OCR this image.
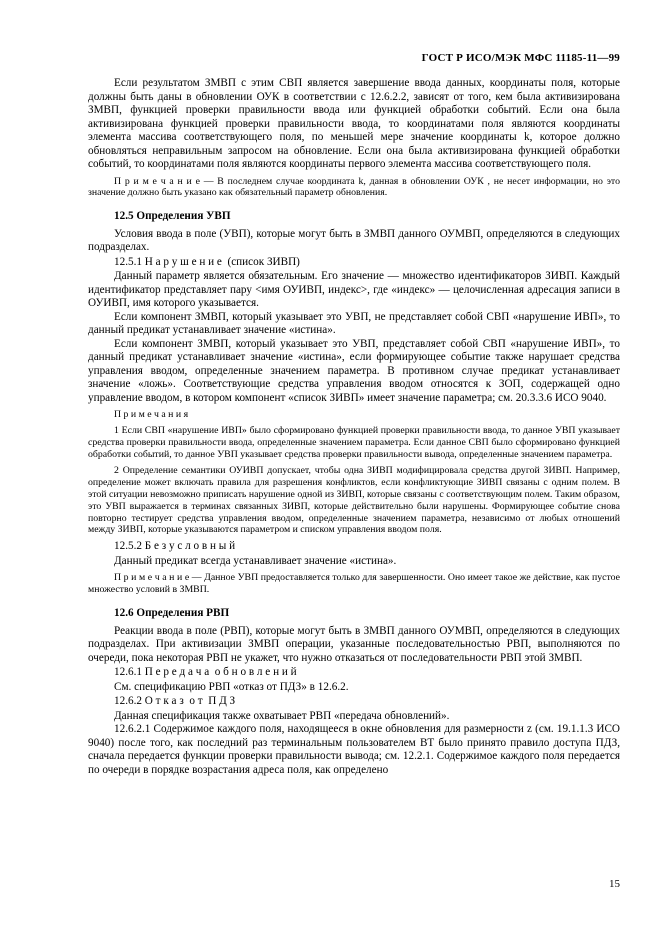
ГОСТ Р ИСО/МЭК МФС 11185-11—99

Если результатом ЗМВП с этим СВП является завершение ввода данных, координаты поля, которые должны быть даны в обновлении ОУК в соответствии с 12.6.2.2, зависят от того, кем была активизирована ЗМВП, функцией проверки правильности ввода или функцией обработки событий. Если она была активизирована функцией проверки правильности ввода, то координатами поля являются координаты элемента массива соответствующего поля, по меньшей мере значение координаты k, которое должно обновляться неправильным запросом на обновление. Если она была активизирована функцией обработки событий, то координатами поля являются координаты первого элемента массива соответствующего поля.

П р и м е ч а н и е — В последнем случае координата k, данная в обновлении ОУК , не несет информации, но это значение должно быть указано как обязательный параметр обновления.

12.5 Определения УВП

Условия ввода в поле (УВП), которые могут быть в ЗМВП данного ОУМВП, определяются в следующих подразделах.

12.5.1 Н а р у ш е н и е  (список ЗИВП)

Данный параметр является обязательным. Его значение — множество идентификаторов ЗИВП. Каждый идентификатор представляет пару <имя ОУИВП, индекс>, где «индекс» — целочисленная адресация записи в ОУИВП, имя которого указывается.

Если компонент ЗМВП, который указывает это УВП, не представляет собой СВП «нарушение ИВП», то данный предикат устанавливает значение «истина».

Если компонент ЗМВП, который указывает это УВП, представляет собой СВП «нарушение ИВП», то данный предикат устанавливает значение «истина», если формирующее событие также нарушает средства управления вводом, определенные значением параметра. В противном случае предикат устанавливает значение «ложь». Соответствующие средства управления вводом относятся к ЗОП, содержащей одно управление вводом, в котором компонент «список ЗИВП» имеет значение параметра; см. 20.3.3.6 ИСО 9040.

П р и м е ч а н и я

1 Если СВП «нарушение ИВП» было сформировано функцией проверки правильности ввода, то данное УВП указывает средства проверки правильности ввода, определенные значением параметра. Если данное СВП было сформировано функцией обработки событий, то данное УВП указывает средства проверки правильности вывода, определенные значением параметра.

2 Определение семантики ОУИВП допускает, чтобы одна ЗИВП модифицировала средства другой ЗИВП. Например, определение может включать правила для разрешения конфликтов, если конфликтующие ЗИВП связаны с одним полем. В этой ситуации невозможно приписать нарушение одной из ЗИВП, которые связаны с соответствующим полем. Таким образом, это УВП выражается в терминах связанных ЗИВП, которые действительно были нарушены. Формирующее событие снова повторно тестирует средства управления вводом, определенные значением параметра, независимо от любых отношений между ЗИВП, которые указываются параметром и списком управления вводом поля.

12.5.2 Б е з у с л о в н ы й

Данный предикат всегда устанавливает значение «истина».

П р и м е ч а н и е — Данное УВП предоставляется только для завершенности. Оно имеет такое же действие, как пустое множество условий в ЗМВП.

12.6 Определения РВП

Реакции ввода в поле (РВП), которые могут быть в ЗМВП данного ОУМВП, определяются в следующих подразделах. При активизации ЗМВП операции, указанные последовательностью РВП, выполняются по очереди, пока некоторая РВП не укажет, что нужно отказаться от последовательности РВП этой ЗМВП.

12.6.1 П е р е д а ч а  о б н о в л е н и й

См. спецификацию РВП «отказ от ПДЗ» в 12.6.2.

12.6.2 О т к а з  о т  П Д З

Данная спецификация также охватывает РВП «передача обновлений».

12.6.2.1 Содержимое каждого поля, находящееся в окне обновления для размерности z (см. 19.1.1.3 ИСО 9040) после того, как последний раз терминальным пользователем ВТ было принято правило доступа ПДЗ, сначала передается функции проверки правильности вывода; см. 12.2.1. Содержимое каждого поля передается по очереди в порядке возрастания адреса поля, как определено

15
